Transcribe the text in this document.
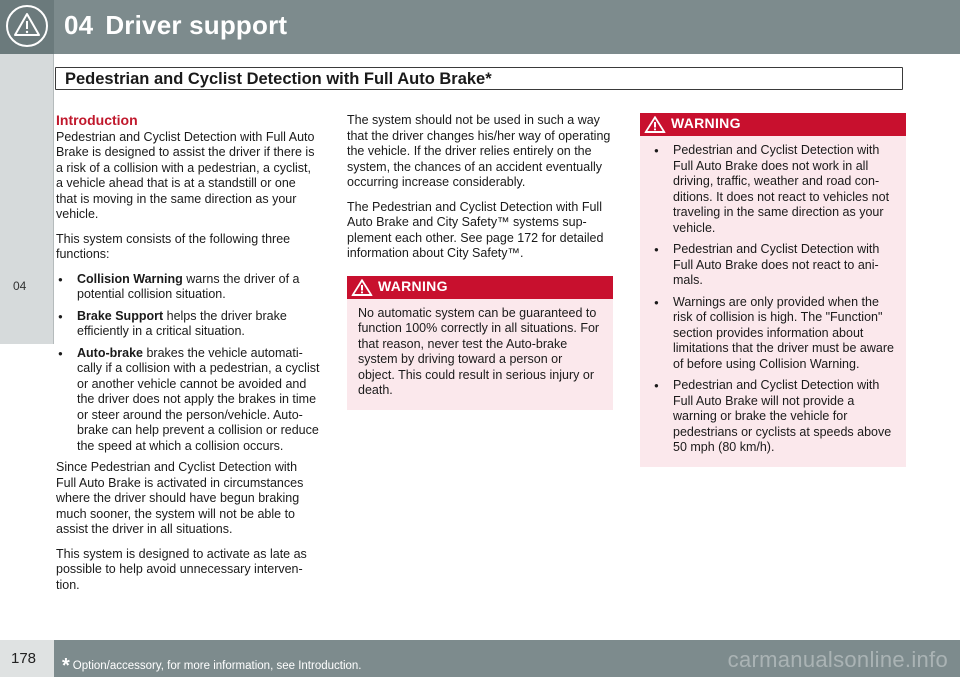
04 Driver support
Pedestrian and Cyclist Detection with Full Auto Brake*
04
Introduction

Pedestrian and Cyclist Detection with Full Auto Brake is designed to assist the driver if there is a risk of a collision with a pedestrian, a cyclist, a vehicle ahead that is at a standstill or one that is moving in the same direction as your vehicle.

This system consists of the following three functions:

● Collision Warning warns the driver of a potential collision situation.
● Brake Support helps the driver brake efficiently in a critical situation.
● Auto-brake brakes the vehicle automatically if a collision with a pedestrian, a cyclist or another vehicle cannot be avoided and the driver does not apply the brakes in time or steer around the person/vehicle. Auto-brake can help prevent a collision or reduce the speed at which a collision occurs.

Since Pedestrian and Cyclist Detection with Full Auto Brake is activated in circumstances where the driver should have begun braking much sooner, the system will not be able to assist the driver in all situations.

This system is designed to activate as late as possible to help avoid unnecessary intervention.

The system should not be used in such a way that the driver changes his/her way of operating the vehicle. If the driver relies entirely on the system, the chances of an accident eventually occurring increase considerably.

The Pedestrian and Cyclist Detection with Full Auto Brake and City Safety™ systems supplement each other. See page 172 for detailed information about City Safety™.

WARNING
No automatic system can be guaranteed to function 100% correctly in all situations. For that reason, never test the Auto-brake system by driving toward a person or object. This could result in serious injury or death.
WARNING
● Pedestrian and Cyclist Detection with Full Auto Brake does not work in all driving, traffic, weather and road conditions. It does not react to vehicles not traveling in the same direction as your vehicle.
● Pedestrian and Cyclist Detection with Full Auto Brake does not react to animals.
● Warnings are only provided when the risk of collision is high. The "Function" section provides information about limitations that the driver must be aware of before using Collision Warning.
● Pedestrian and Cyclist Detection with Full Auto Brake will not provide a warning or brake the vehicle for pedestrians or cyclists at speeds above 50 mph (80 km/h).
178 * Option/accessory, for more information, see Introduction.	carmanualsonline.info
